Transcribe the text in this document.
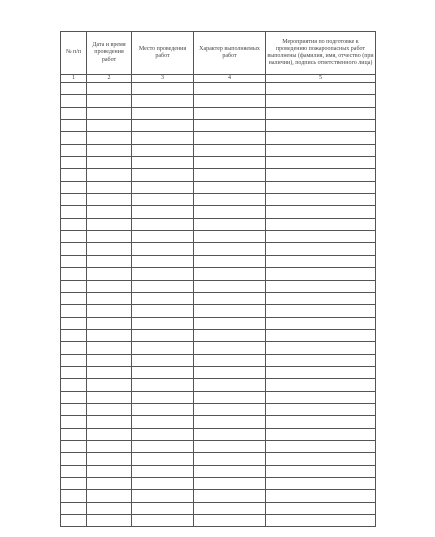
№ п/п	Дата и время проведения работ	Место проведения работ	Характер выполняемых работ	Мероприятия по подготовке к проведению пожароопасных работ выполнены (фамилия, имя, отчество (при наличии), подпись ответственного лица)
1	2	3	4	5
